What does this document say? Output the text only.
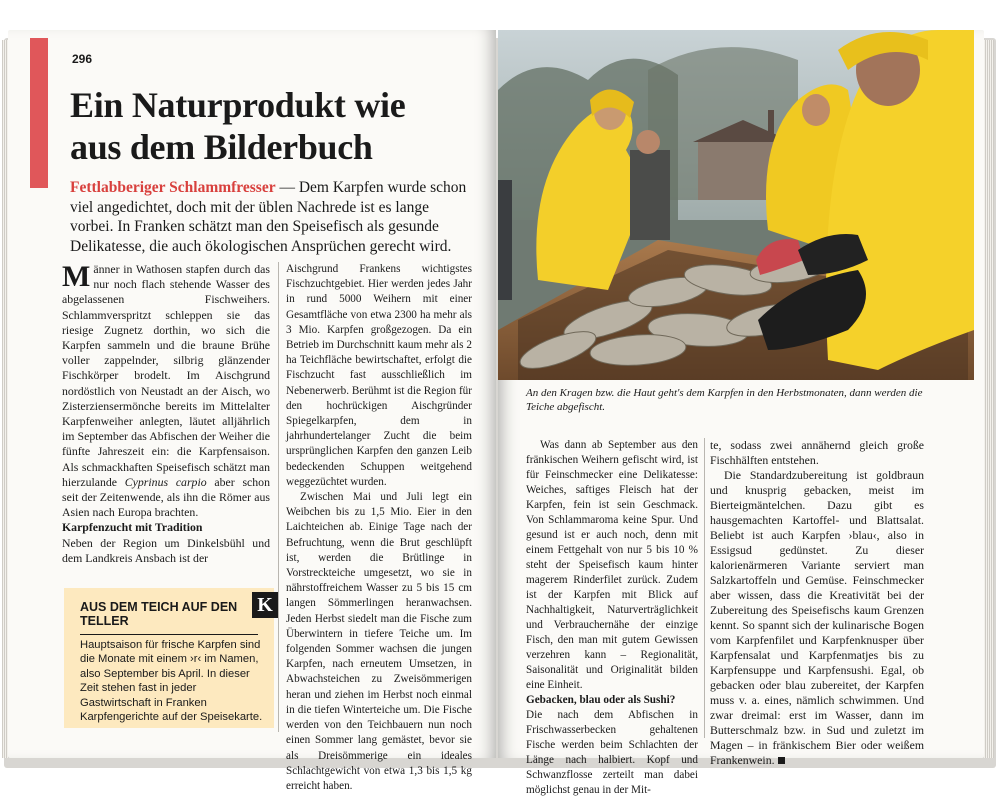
296
Ein Naturprodukt wie
aus dem Bilderbuch
Fettlabberiger Schlammfresser — Dem Karpfen wurde schon viel angedichtet, doch mit der üblen Nachrede ist es lange vorbei. In Franken schätzt man den Speisefisch als gesunde Delikatesse, die auch ökologischen Ansprüchen gerecht wird.

Männer in Wathosen stapfen durch das nur noch flach stehende Wasser des abgelassenen Fischweihers. Schlammverspritzt schleppen sie das riesige Zugnetz dorthin, wo sich die Karpfen sammeln und die braune Brühe voller zappelnder, silbrig glänzender Fischkörper brodelt. Im Aischgrund nordöstlich von Neustadt an der Aisch, wo Zisterziensermönche bereits im Mittelalter Karpfenweiher anlegten, läutet alljährlich im September das Abfischen der Weiher die fünfte Jahreszeit ein: die Karpfensaison. Als schmackhaften Speisefisch schätzt man hierzulande Cyprinus carpio aber schon seit der Zeitenwende, als ihn die Römer aus Asien nach Europa brachten.

Karpfenzucht mit Tradition

Neben der Region um Dinkelsbühl und dem Landkreis Ansbach ist der

Aischgrund Frankens wichtigstes Fischzuchtgebiet. Hier werden jedes Jahr in rund 5000 Weihern mit einer Gesamtfläche von etwa 2300 ha mehr als 3 Mio. Karpfen großgezogen. Da ein Betrieb im Durchschnitt kaum mehr als 2 ha Teichfläche bewirtschaftet, erfolgt die Fischzucht fast ausschließlich im Nebenerwerb. Berühmt ist die Region für den hochrückigen Aischgründer Spiegelkarpfen, dem in jahrhundertelanger Zucht die beim ursprünglichen Karpfen den ganzen Leib bedeckenden Schuppen weitgehend weggezüchtet wurden.

Zwischen Mai und Juli legt ein Weibchen bis zu 1,5 Mio. Eier in den Laichteichen ab. Einige Tage nach der Befruchtung, wenn die Brut geschlüpft ist, werden die Brütlinge in Vorstreckteiche umgesetzt, wo sie in nährstoffreichem Wasser zu 5 bis 15 cm langen Sömmerlingen heranwachsen. Jeden Herbst siedelt man die Fische zum Überwintern in tiefere Teiche um. Im folgenden Sommer wachsen die jungen Karpfen, nach erneutem Umsetzen, in Abwachsteichen zu Zweisömmerigen heran und ziehen im Herbst noch einmal in die tiefen Winterteiche um. Die Fische werden von den Teichbauern nun noch einen Sommer lang gemästet, bevor sie als Dreisömmerige ein ideales Schlachtgewicht von etwa 1,3 bis 1,5 kg erreicht haben.

AUS DEM TEICH AUF DEN TELLER
Hauptsaison für frische Karpfen sind die Monate mit einem ›r‹ im Namen, also September bis April. In dieser Zeit stehen fast in jeder Gastwirtschaft in Franken Karpfengerichte auf der Speisekarte.
K
An den Kragen bzw. die Haut geht's dem Karpfen in den Herbstmonaten, dann werden die Teiche abgefischt.

Was dann ab September aus den fränkischen Weihern gefischt wird, ist für Feinschmecker eine Delikatesse: Weiches, saftiges Fleisch hat der Karpfen, fein ist sein Geschmack. Von Schlammaroma keine Spur. Und gesund ist er auch noch, denn mit einem Fettgehalt von nur 5 bis 10 % steht der Speisefisch kaum hinter magerem Rinderfilet zurück. Zudem ist der Karpfen mit Blick auf Nachhaltigkeit, Naturverträglichkeit und Verbrauchernähe der einzige Fisch, den man mit gutem Gewissen verzehren kann – Regionalität, Saisonalität und Originalität bilden eine Einheit.

Gebacken, blau oder als Sushi?

Die nach dem Abfischen in Frischwasserbecken gehaltenen Fische werden beim Schlachten der Länge nach halbiert. Kopf und Schwanzflosse zerteilt man dabei möglichst genau in der Mit-

te, sodass zwei annähernd gleich große Fischhälften entstehen.

Die Standardzubereitung ist goldbraun und knusprig gebacken, meist im Bierteigmäntelchen. Dazu gibt es hausgemachten Kartoffel- und Blattsalat. Beliebt ist auch Karpfen ›blau‹, also in Essigsud gedünstet. Zu dieser kalorienärmeren Variante serviert man Salzkartoffeln und Gemüse. Feinschmecker aber wissen, dass die Kreativität bei der Zubereitung des Speisefischs kaum Grenzen kennt. So spannt sich der kulinarische Bogen vom Karpfenfilet und Karpfenknusper über Karpfensalat und Karpfenmatjes bis zu Karpfensuppe und Karpfensushi. Egal, ob gebacken oder blau zubereitet, der Karpfen muss v. a. eines, nämlich schwimmen. Und zwar dreimal: erst im Wasser, dann im Butterschmalz bzw. in Sud und zuletzt im Magen – in fränkischem Bier oder weißem Frankenwein.
